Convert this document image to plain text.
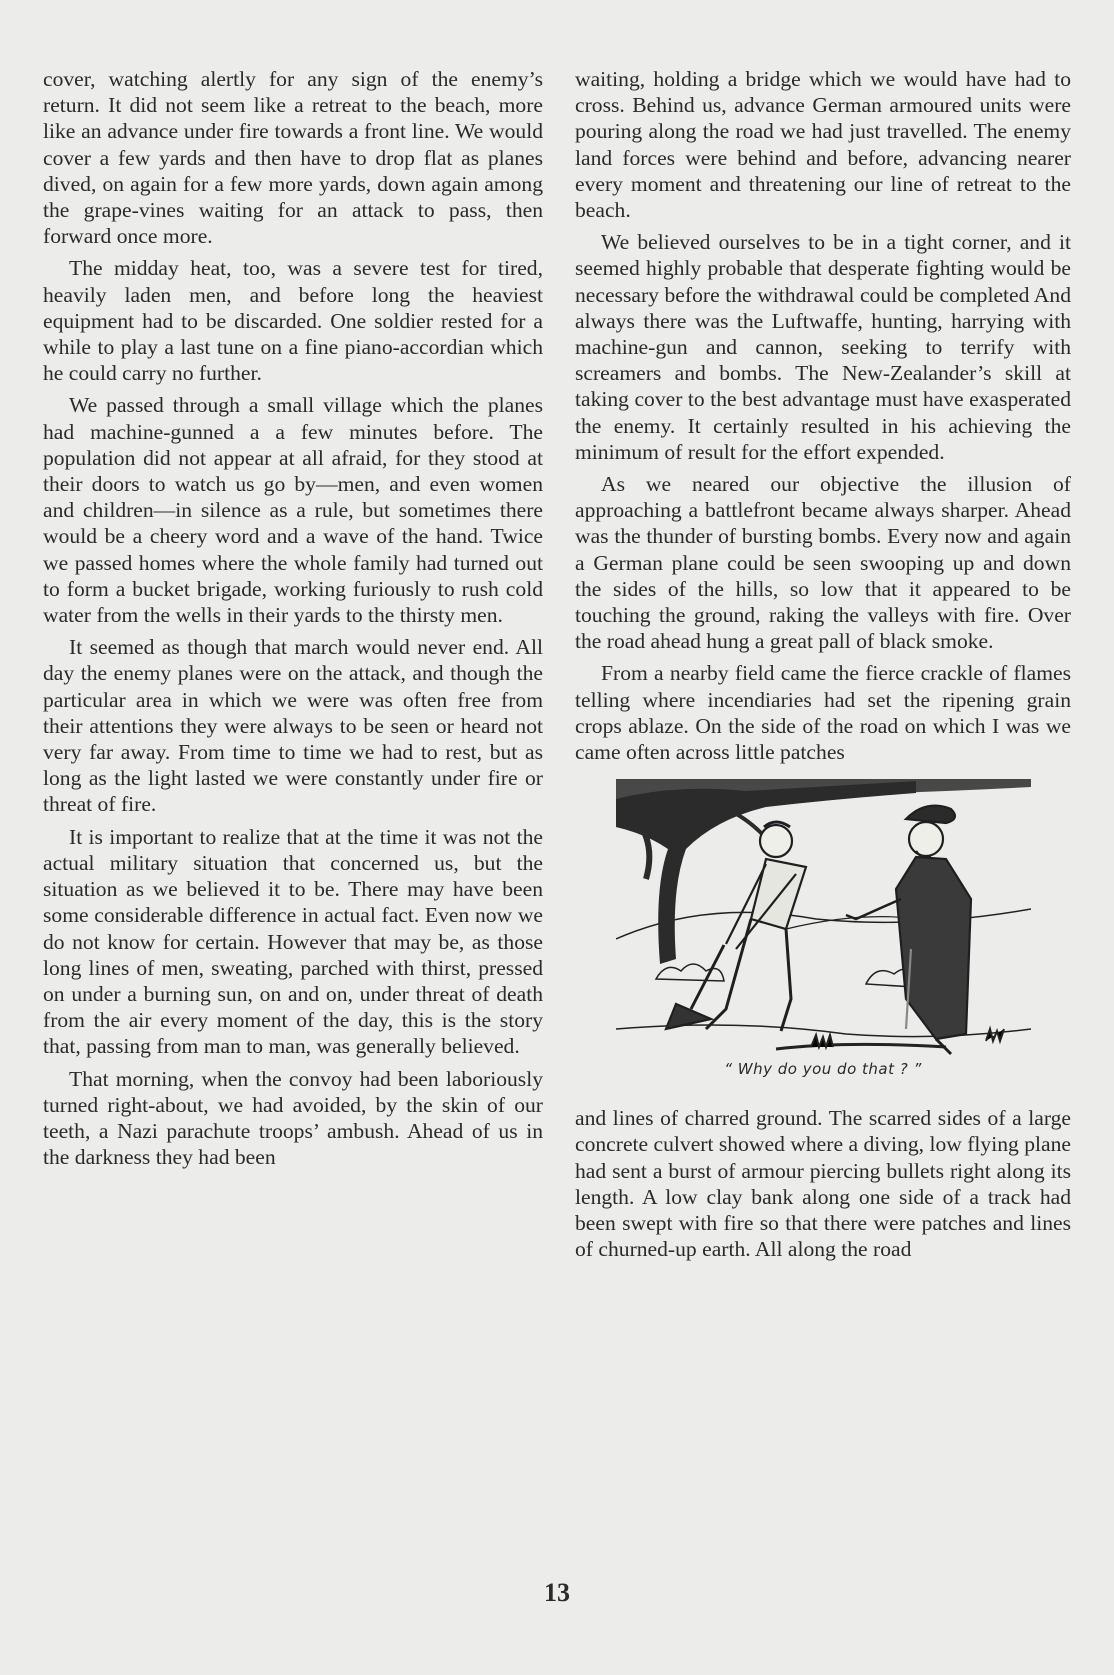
cover, watching alertly for any sign of the enemy’s return. It did not seem like a retreat to the beach, more like an advance under fire towards a front line. We would cover a few yards and then have to drop flat as planes dived, on again for a few more yards, down again among the grape-vines waiting for an attack to pass, then forward once more.

The midday heat, too, was a severe test for tired, heavily laden men, and before long the heaviest equipment had to be discarded. One soldier rested for a while to play a last tune on a fine piano-accordian which he could carry no further.

We passed through a small village which the planes had machine-gunned a a few minutes before. The population did not appear at all afraid, for they stood at their doors to watch us go by—men, and even women and children—in silence as a rule, but sometimes there would be a cheery word and a wave of the hand. Twice we passed homes where the whole family had turned out to form a bucket brigade, working furiously to rush cold water from the wells in their yards to the thirsty men.

It seemed as though that march would never end. All day the enemy planes were on the attack, and though the particular area in which we were was often free from their attentions they were always to be seen or heard not very far away. From time to time we had to rest, but as long as the light lasted we were constantly under fire or threat of fire.

It is important to realize that at the time it was not the actual military situation that concerned us, but the situation as we believed it to be. There may have been some considerable difference in actual fact. Even now we do not know for certain. However that may be, as those long lines of men, sweating, parched with thirst, pressed on under a burning sun, on and on, under threat of death from the air every moment of the day, this is the story that, passing from man to man, was generally believed.

That morning, when the convoy had been laboriously turned right-about, we had avoided, by the skin of our teeth, a Nazi parachute troops’ ambush. Ahead of us in the darkness they had been

waiting, holding a bridge which we would have had to cross. Behind us, advance German armoured units were pouring along the road we had just travelled. The enemy land forces were behind and before, advancing nearer every moment and threatening our line of retreat to the beach.

We believed ourselves to be in a tight corner, and it seemed highly probable that desperate fighting would be necessary before the withdrawal could be completed And always there was the Luftwaffe, hunting, harrying with machine-gun and cannon, seeking to terrify with screamers and bombs. The New-Zealander’s skill at taking cover to the best advantage must have exasperated the enemy. It certainly resulted in his achieving the minimum of result for the effort expended.

As we neared our objective the illusion of approaching a battlefront became always sharper. Ahead was the thunder of bursting bombs. Every now and again a German plane could be seen swooping up and down the sides of the hills, so low that it appeared to be touching the ground, raking the valleys with fire. Over the road ahead hung a great pall of black smoke.

From a nearby field came the fierce crackle of flames telling where incendiaries had set the ripening grain crops ablaze. On the side of the road on which I was we came often across little patches

“ Why do you do that ? ”

and lines of charred ground. The scarred sides of a large concrete culvert showed where a diving, low flying plane had sent a burst of armour piercing bullets right along its length. A low clay bank along one side of a track had been swept with fire so that there were patches and lines of churned-up earth. All along the road

13
